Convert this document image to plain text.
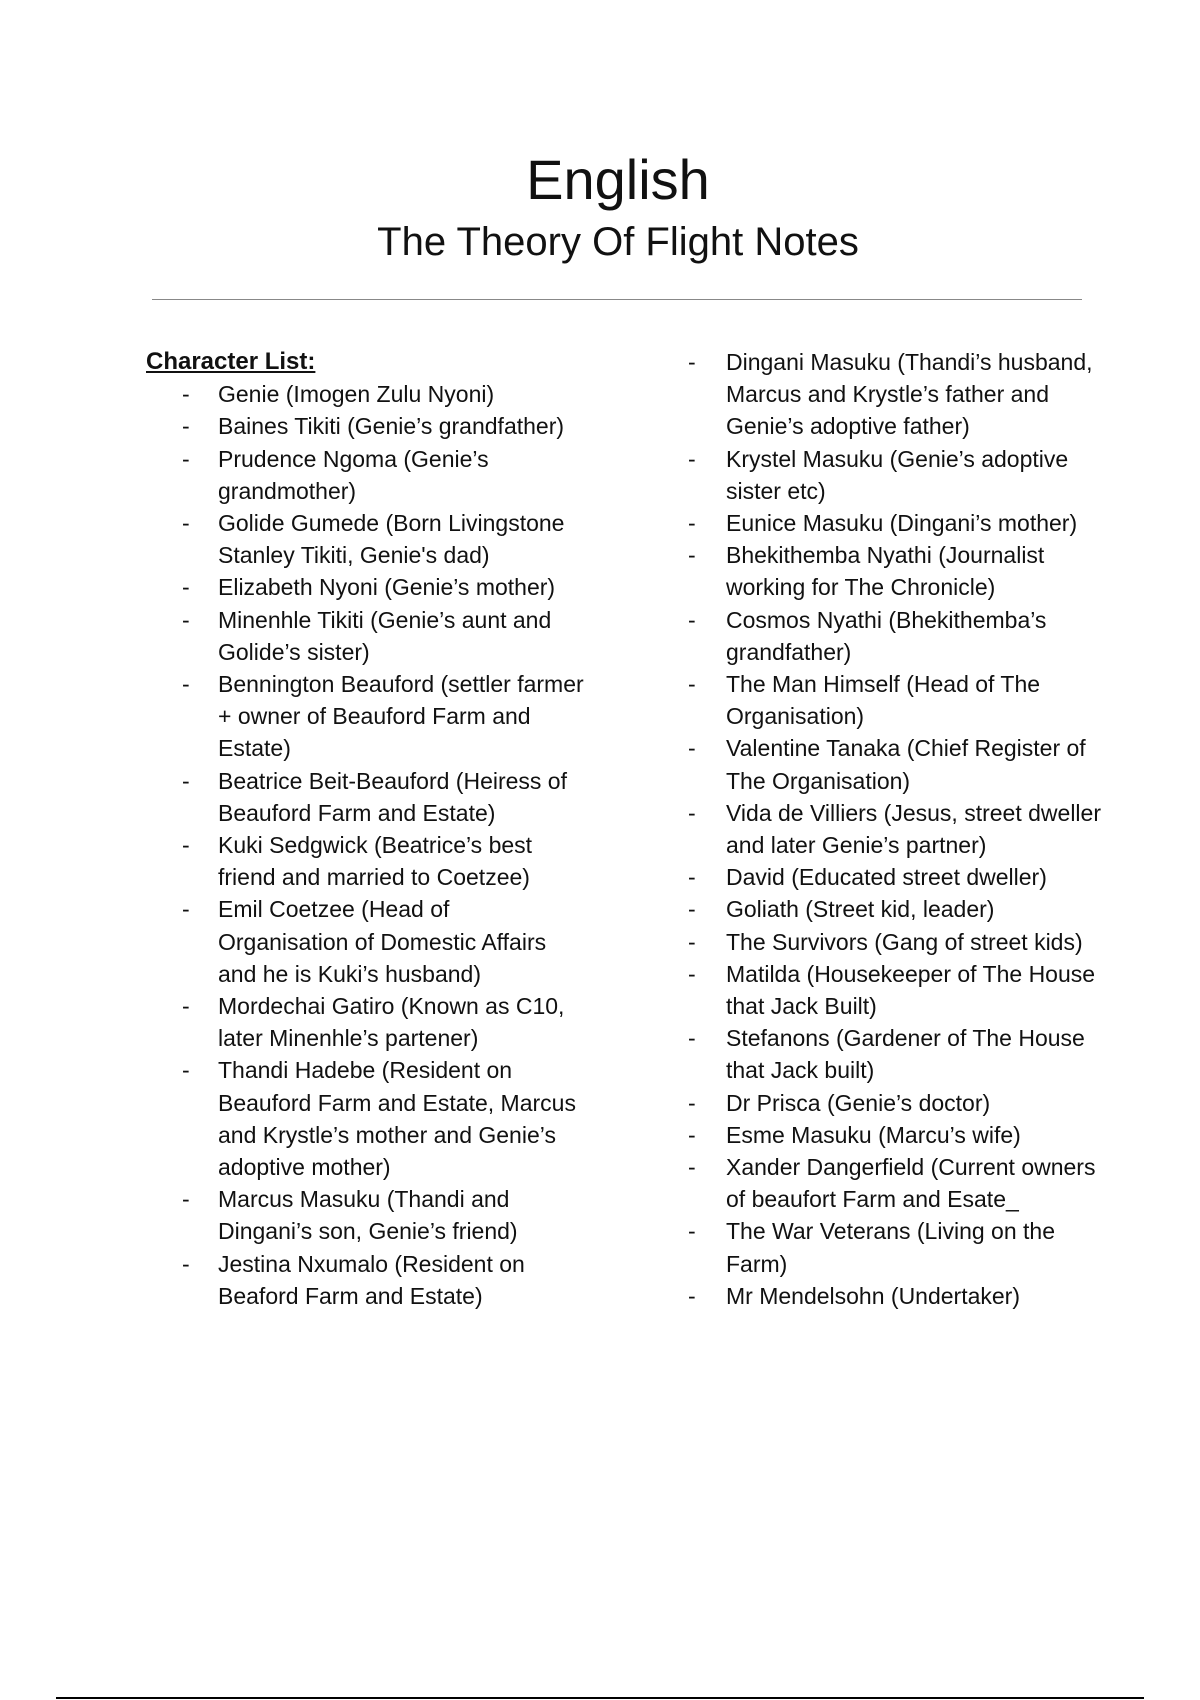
English
The Theory Of Flight Notes

Character List:

- Genie (Imogen Zulu Nyoni)
- Baines Tikiti (Genie’s grandfather)
- Prudence Ngoma (Genie’s grandmother)
- Golide Gumede (Born Livingstone Stanley Tikiti, Genie's dad)
- Elizabeth Nyoni (Genie’s mother)
- Minenhle Tikiti (Genie’s aunt and Golide’s sister)
- Bennington Beauford (settler farmer + owner of Beauford Farm and Estate)
- Beatrice Beit-Beauford (Heiress of Beauford Farm and Estate)
- Kuki Sedgwick (Beatrice’s best friend and married to Coetzee)
- Emil Coetzee (Head of Organisation of Domestic Affairs and he is Kuki’s husband)
- Mordechai Gatiro (Known as C10, later Minenhle’s partener)
- Thandi Hadebe (Resident on Beauford Farm and Estate, Marcus and Krystle’s mother and Genie’s adoptive mother)
- Marcus Masuku (Thandi and Dingani’s son, Genie’s friend)
- Jestina Nxumalo (Resident on Beaford Farm and Estate)
- Dingani Masuku (Thandi’s husband, Marcus and Krystle’s father and Genie’s adoptive father)
- Krystel Masuku (Genie’s adoptive sister etc)
- Eunice Masuku (Dingani’s mother)
- Bhekithemba Nyathi (Journalist working for The Chronicle)
- Cosmos Nyathi (Bhekithemba’s grandfather)
- The Man Himself (Head of The Organisation)
- Valentine Tanaka (Chief Register of The Organisation)
- Vida de Villiers (Jesus, street dweller and later Genie’s partner)
- David (Educated street dweller)
- Goliath (Street kid, leader)
- The Survivors (Gang of street kids)
- Matilda (Housekeeper of The House that Jack Built)
- Stefanons (Gardener of The House that Jack built)
- Dr Prisca (Genie’s doctor)
- Esme Masuku (Marcu’s wife)
- Xander Dangerfield (Current owners of beaufort Farm and Esate_
- The War Veterans (Living on the Farm)
- Mr Mendelsohn (Undertaker)
